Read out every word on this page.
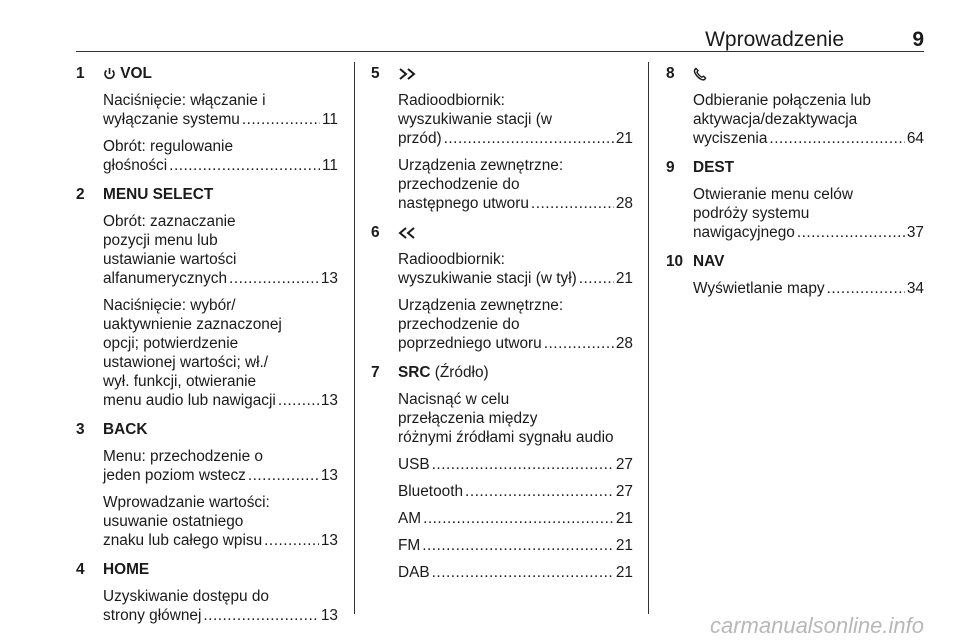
Wprowadzenie	9
1 VOL
Naciśnięcie: włączanie i
wyłączanie systemu .....	11
Obrót: regulowanie
głośności .....	11
2 MENU SELECT
Obrót: zaznaczanie
pozycji menu lub
ustawianie wartości
alfanumerycznych .....	13
Naciśnięcie: wybór/
uaktywnienie zaznaczonej
opcji; potwierdzenie
ustawionej wartości; wł./
wył. funkcji, otwieranie
menu audio lub nawigacji .....	13
3 BACK
Menu: przechodzenie o
jeden poziom wstecz .....	13
Wprowadzanie wartości:
usuwanie ostatniego
znaku lub całego wpisu .....	13
4 HOME
Uzyskiwanie dostępu do
strony głównej .....	13
5
Radioodbiornik:
wyszukiwanie stacji (w
przód) .....	21
Urządzenia zewnętrzne:
przechodzenie do
następnego utworu .....	28
6
Radioodbiornik:
wyszukiwanie stacji (w tył) .....	21
Urządzenia zewnętrzne:
przechodzenie do
poprzedniego utworu .....	28
7 SRC (Źródło)
Nacisnąć w celu
przełączenia między
różnymi źródłami sygnału audio
USB .....	27
Bluetooth .....	27
AM .....	21
FM .....	21
DAB .....	21
8
Odbieranie połączenia lub
aktywacja/dezaktywacja
wyciszenia .....	64
9 DEST
Otwieranie menu celów
podróży systemu
nawigacyjnego .....	37
10 NAV
Wyświetlanie mapy .....	34
carmanualsonline.info
